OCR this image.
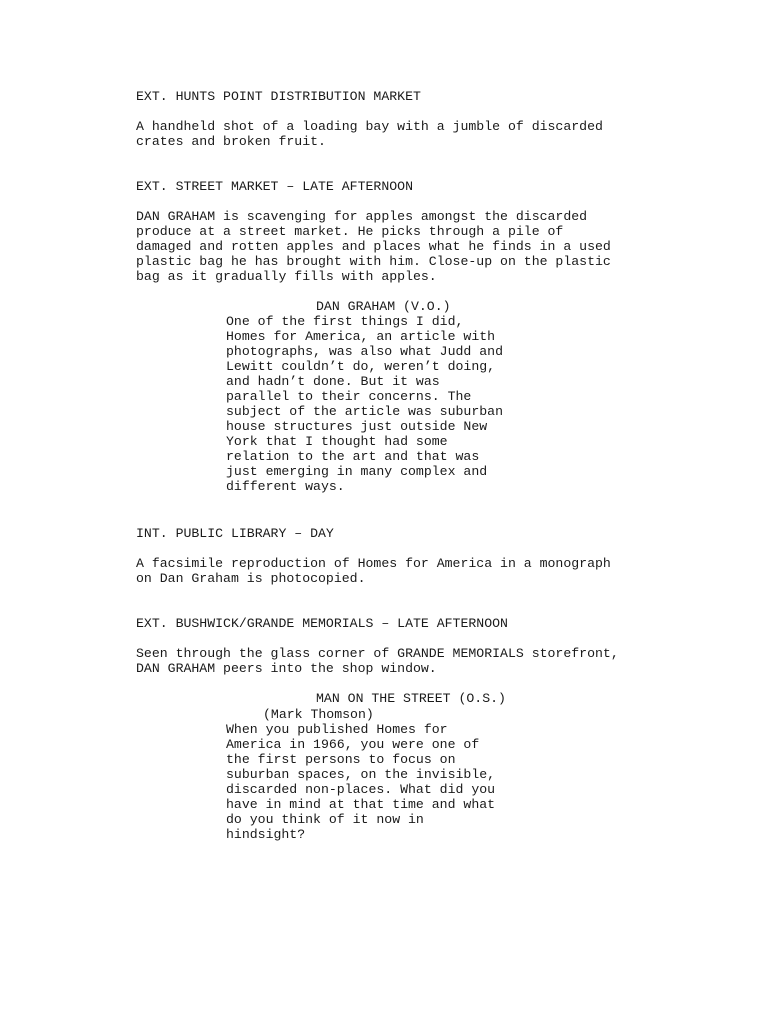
EXT. HUNTS POINT DISTRIBUTION MARKET

A handheld shot of a loading bay with a jumble of discarded
crates and broken fruit.

EXT. STREET MARKET – LATE AFTERNOON

DAN GRAHAM is scavenging for apples amongst the discarded
produce at a street market. He picks through a pile of
damaged and rotten apples and places what he finds in a used
plastic bag he has brought with him. Close-up on the plastic
bag as it gradually fills with apples.

DAN GRAHAM (V.O.)

One of the first things I did,
Homes for America, an article with
photographs, was also what Judd and
Lewitt couldn’t do, weren’t doing,
and hadn’t done. But it was
parallel to their concerns. The
subject of the article was suburban
house structures just outside New
York that I thought had some
relation to the art and that was
just emerging in many complex and
different ways.

INT. PUBLIC LIBRARY – DAY

A facsimile reproduction of Homes for America in a monograph
on Dan Graham is photocopied.

EXT. BUSHWICK/GRANDE MEMORIALS – LATE AFTERNOON

Seen through the glass corner of GRANDE MEMORIALS storefront,
DAN GRAHAM peers into the shop window.

MAN ON THE STREET (O.S.)

(Mark Thomson)

When you published Homes for
America in 1966, you were one of
the first persons to focus on
suburban spaces, on the invisible,
discarded non-places. What did you
have in mind at that time and what
do you think of it now in
hindsight?
